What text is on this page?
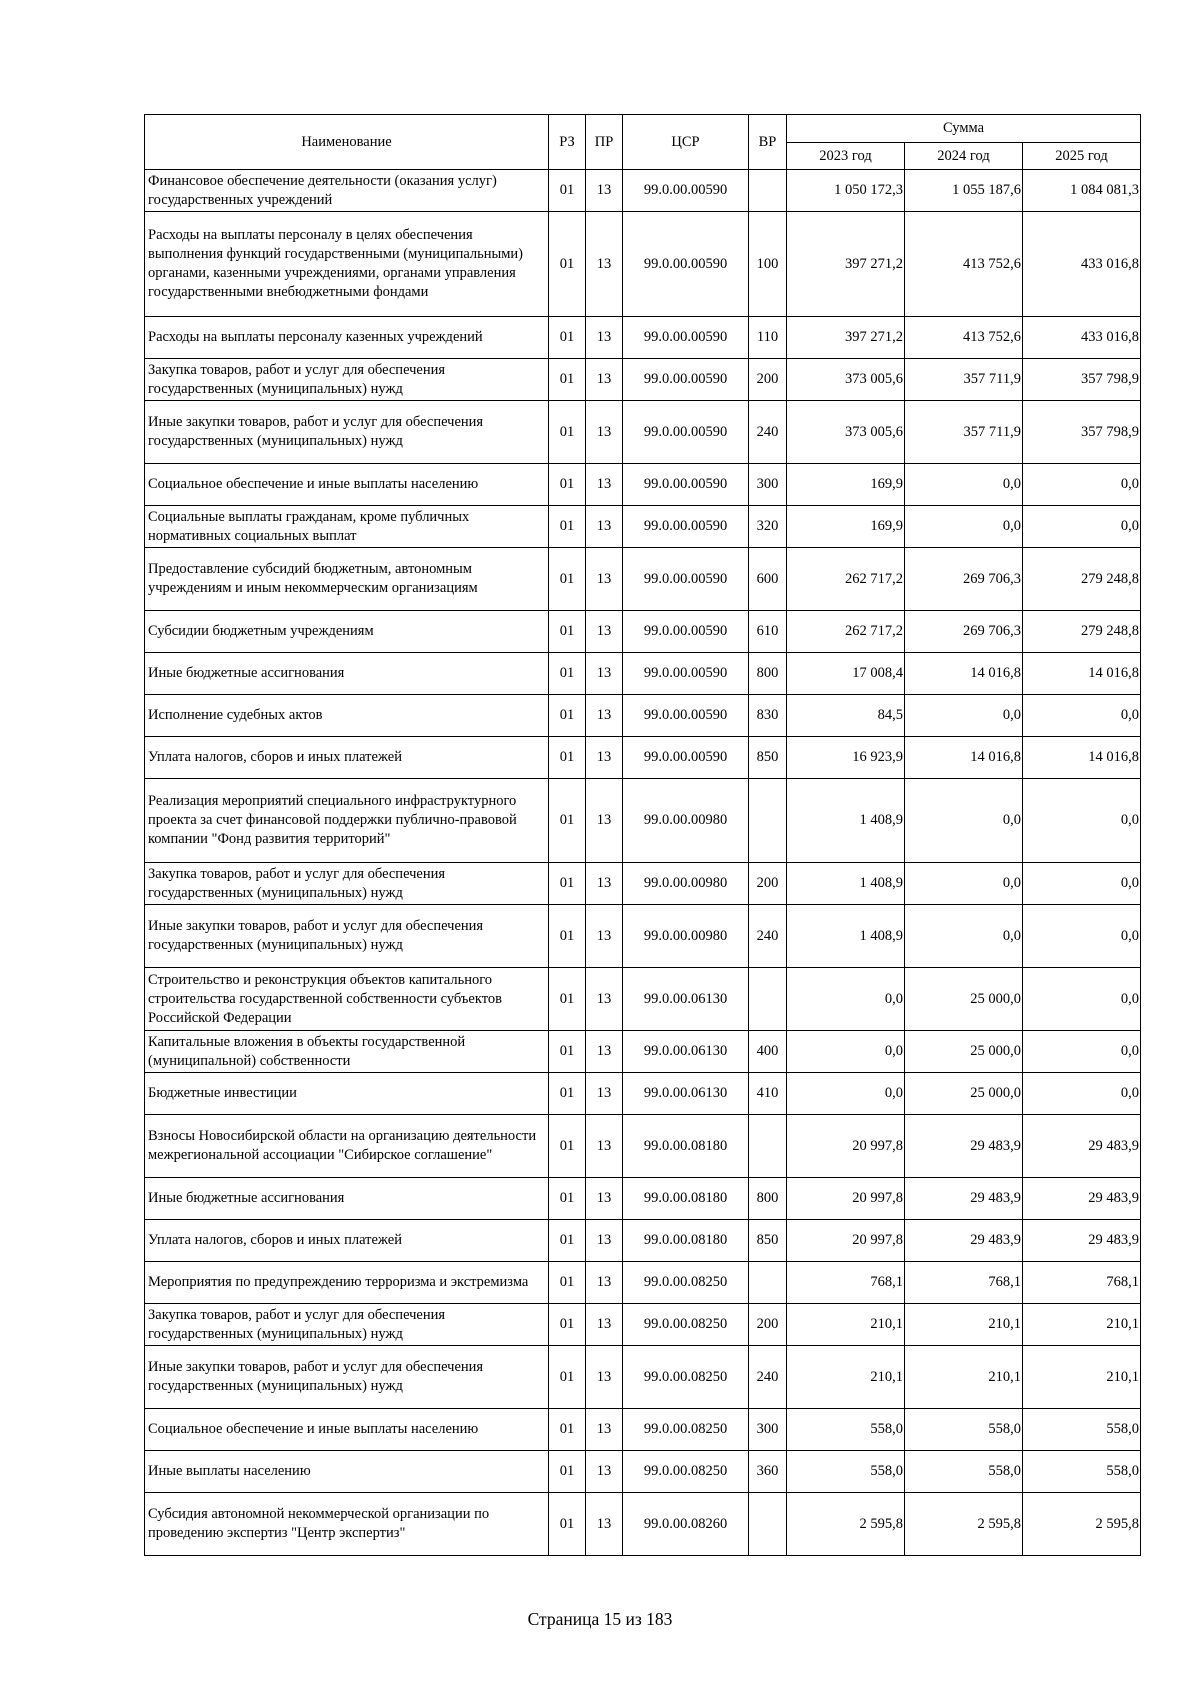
Наименование	РЗ	ПР	ЦСР	ВР	Сумма		
					2023 год	2024 год	2025 год
Финансовое обеспечение деятельности (оказания услуг) государственных учреждений	01	13	99.0.00.00590		1 050 172,3	1 055 187,6	1 084 081,3
Расходы на выплаты персоналу в целях обеспечения выполнения функций государственными (муниципальными) органами, казенными учреждениями, органами управления государственными внебюджетными фондами	01	13	99.0.00.00590	100	397 271,2	413 752,6	433 016,8
Расходы на выплаты персоналу казенных учреждений	01	13	99.0.00.00590	110	397 271,2	413 752,6	433 016,8
Закупка товаров, работ и услуг для обеспечения государственных (муниципальных) нужд	01	13	99.0.00.00590	200	373 005,6	357 711,9	357 798,9
Иные закупки товаров, работ и услуг для обеспечения государственных (муниципальных) нужд	01	13	99.0.00.00590	240	373 005,6	357 711,9	357 798,9
Социальное обеспечение и иные выплаты населению	01	13	99.0.00.00590	300	169,9	0,0	0,0
Социальные выплаты гражданам, кроме публичных нормативных социальных выплат	01	13	99.0.00.00590	320	169,9	0,0	0,0
Предоставление субсидий бюджетным, автономным учреждениям и иным некоммерческим организациям	01	13	99.0.00.00590	600	262 717,2	269 706,3	279 248,8
Субсидии бюджетным учреждениям	01	13	99.0.00.00590	610	262 717,2	269 706,3	279 248,8
Иные бюджетные ассигнования	01	13	99.0.00.00590	800	17 008,4	14 016,8	14 016,8
Исполнение судебных актов	01	13	99.0.00.00590	830	84,5	0,0	0,0
Уплата налогов, сборов и иных платежей	01	13	99.0.00.00590	850	16 923,9	14 016,8	14 016,8
Реализация мероприятий специального инфраструктурного проекта за счет финансовой поддержки публично-правовой компании "Фонд развития территорий"	01	13	99.0.00.00980		1 408,9	0,0	0,0
Закупка товаров, работ и услуг для обеспечения государственных (муниципальных) нужд	01	13	99.0.00.00980	200	1 408,9	0,0	0,0
Иные закупки товаров, работ и услуг для обеспечения государственных (муниципальных) нужд	01	13	99.0.00.00980	240	1 408,9	0,0	0,0
Строительство и реконструкция объектов капитального строительства государственной собственности субъектов Российской Федерации	01	13	99.0.00.06130		0,0	25 000,0	0,0
Капитальные вложения в объекты государственной (муниципальной) собственности	01	13	99.0.00.06130	400	0,0	25 000,0	0,0
Бюджетные инвестиции	01	13	99.0.00.06130	410	0,0	25 000,0	0,0
Взносы Новосибирской области на организацию деятельности межрегиональной ассоциации "Сибирское соглашение"	01	13	99.0.00.08180		20 997,8	29 483,9	29 483,9
Иные бюджетные ассигнования	01	13	99.0.00.08180	800	20 997,8	29 483,9	29 483,9
Уплата налогов, сборов и иных платежей	01	13	99.0.00.08180	850	20 997,8	29 483,9	29 483,9
Мероприятия по предупреждению терроризма и экстремизма	01	13	99.0.00.08250		768,1	768,1	768,1
Закупка товаров, работ и услуг для обеспечения государственных (муниципальных) нужд	01	13	99.0.00.08250	200	210,1	210,1	210,1
Иные закупки товаров, работ и услуг для обеспечения государственных (муниципальных) нужд	01	13	99.0.00.08250	240	210,1	210,1	210,1
Социальное обеспечение и иные выплаты населению	01	13	99.0.00.08250	300	558,0	558,0	558,0
Иные выплаты населению	01	13	99.0.00.08250	360	558,0	558,0	558,0
Субсидия автономной некоммерческой организации по проведению экспертиз "Центр экспертиз"	01	13	99.0.00.08260		2 595,8	2 595,8	2 595,8
Страница 15 из 183
